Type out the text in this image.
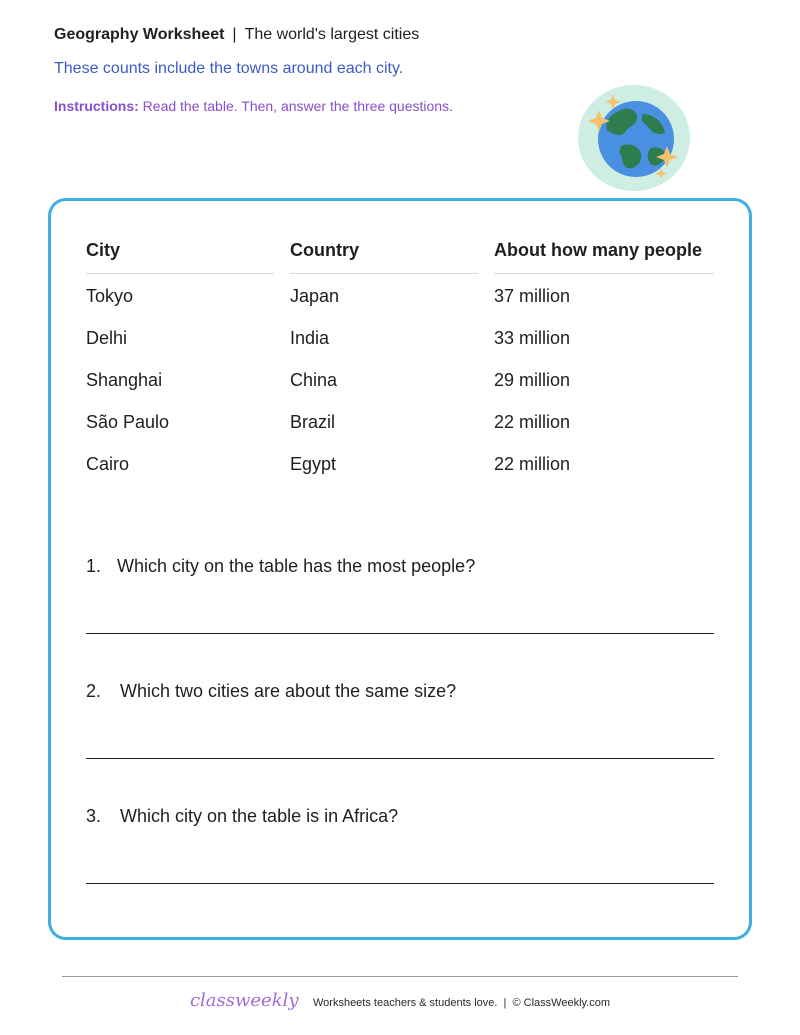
Geography Worksheet | The world's largest cities
These counts include the towns around each city.
Instructions: Read the table. Then, answer the three questions.
City	Country	About how many people
Tokyo	Japan	37 million
Delhi	India	33 million
Shanghai	China	29 million
São Paulo	Brazil	22 million
Cairo	Egypt	22 million
1. Which city on the table has the most people?
2. Which two cities are about the same size?
3. Which city on the table is in Africa?
classweekly Worksheets teachers & students love.  |  © ClassWeekly.com
